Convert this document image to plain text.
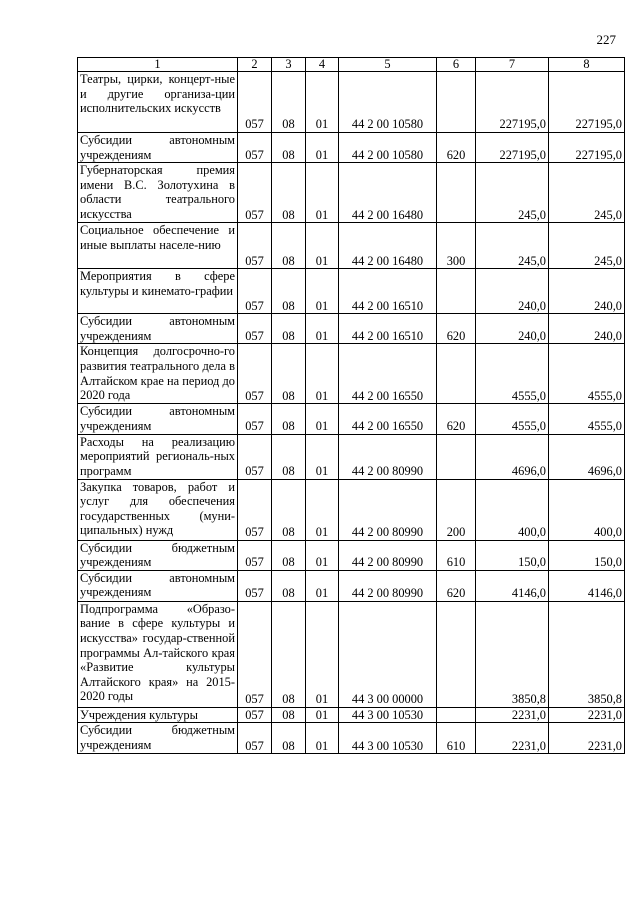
227
1	2	3	4	5	6	7	8
Театры, цирки, концерт-ные и другие организа-ции исполнительских искусств	057	08	01	44 2 00 10580		227195,0	227195,0
Субсидии автономным учреждениям	057	08	01	44 2 00 10580	620	227195,0	227195,0
Губернаторская премия имени В.С. Золотухина в области театрального искусства	057	08	01	44 2 00 16480		245,0	245,0
Социальное обеспечение и иные выплаты населе-нию	057	08	01	44 2 00 16480	300	245,0	245,0
Мероприятия в сфере культуры и кинемато-графии	057	08	01	44 2 00 16510		240,0	240,0
Субсидии автономным учреждениям	057	08	01	44 2 00 16510	620	240,0	240,0
Концепция долгосрочно-го развития театрального дела в Алтайском крае на период до 2020 года	057	08	01	44 2 00 16550		4555,0	4555,0
Субсидии автономным учреждениям	057	08	01	44 2 00 16550	620	4555,0	4555,0
Расходы на реализацию мероприятий региональ-ных программ	057	08	01	44 2 00 80990		4696,0	4696,0
Закупка товаров, работ и услуг для обеспечения государственных (муни-ципальных) нужд	057	08	01	44 2 00 80990	200	400,0	400,0
Субсидии бюджетным учреждениям	057	08	01	44 2 00 80990	610	150,0	150,0
Субсидии автономным учреждениям	057	08	01	44 2 00 80990	620	4146,0	4146,0
Подпрограмма «Образо-вание в сфере культуры и искусства» государ-ственной программы Ал-тайского края «Развитие культуры Алтайского края» на 2015-2020 годы	057	08	01	44 3 00 00000		3850,8	3850,8
Учреждения культуры	057	08	01	44 3 00 10530		2231,0	2231,0
Субсидии бюджетным учреждениям	057	08	01	44 3 00 10530	610	2231,0	2231,0
